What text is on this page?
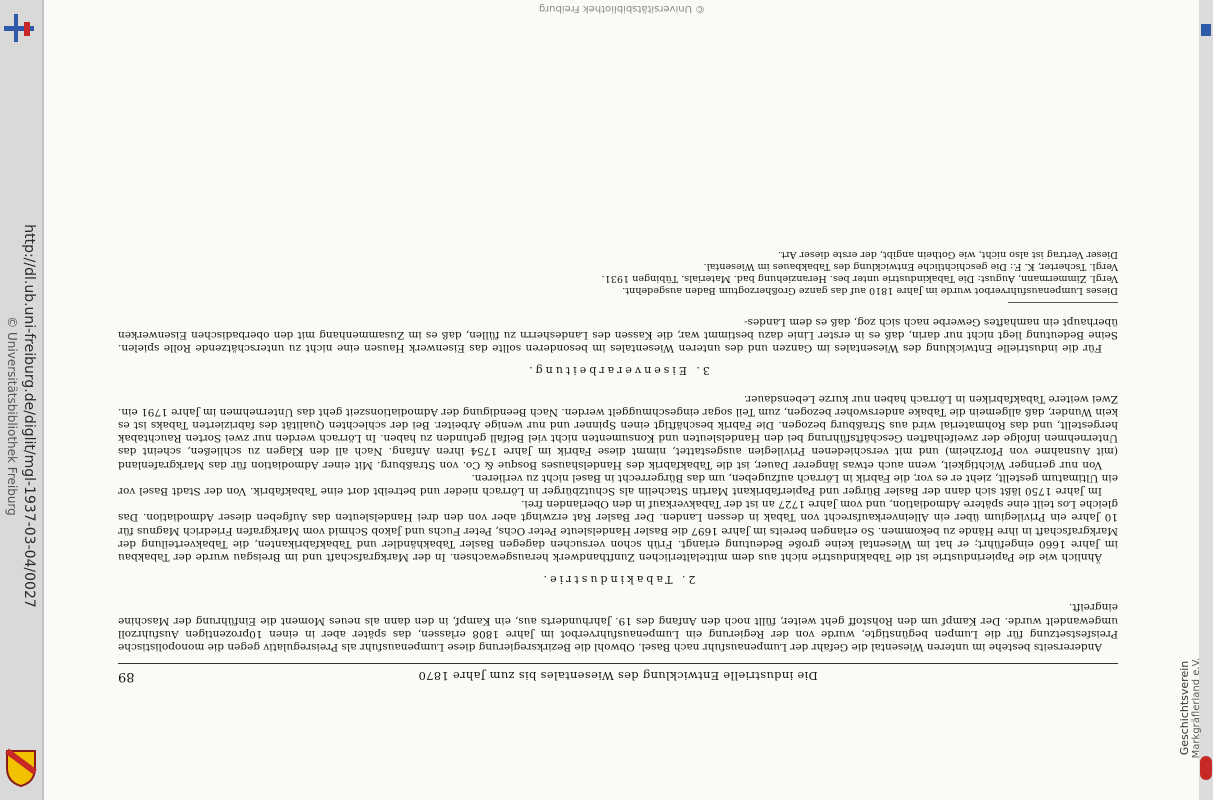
http://dl.ub.uni-freiburg.de/diglit/mgl-1937-03-04/0027
© Universitätsbibliothek Freiburg
© Universitätsbibliothek Freiburg
Die industrielle Entwicklung des Wiesentales bis zum Jahre 1870
89

Andererseits bestehe im unteren Wiesental die Gefahr der Lumpenausfuhr nach Basel. Obwohl die Bezirksregierung diese Lumpenausfuhr als Preisregulativ gegen die monopolistische Preisfestsetzung für die Lumpen begünstigte, wurde von der Regierung ein Lumpenausfuhrverbot im Jahre 1808 erlassen, das später aber in einen 10prozentigen Ausfuhrzoll umgewandelt wurde. Der Kampf um den Rohstoff geht weiter, füllt noch den Anfang des 19. Jahrhunderts aus, ein Kampf, in den dann als neues Moment die Einführung der Maschine eingreift.

2. Tabakindustrie.

Ähnlich wie die Papierindustrie ist die Tabakindustrie nicht aus dem mittelalterlichen Zunfthandwerk herausgewachsen. In der Markgrafschaft und im Breisgau wurde der Tabakbau im Jahre 1660 eingeführt; er hat im Wiesental keine große Bedeutung erlangt. Früh schon versuchen dagegen Basler Tabakhändler und Tabakfabrikanten, die Tabakverteilung der Markgrafschaft in ihre Hände zu bekommen. So erlangen bereits im Jahre 1697 die Basler Handelsleute Peter Ochs, Peter Fuchs und Jakob Schmid vom Markgrafen Friedrich Magnus für 10 Jahre ein Privilegium über ein Alleinverkaufsrecht von Tabak in dessen Landen. Der Basler Rat erzwingt aber von den drei Handelsleuten das Aufgeben dieser Admodiation. Das gleiche Los teilt eine spätere Admodiation, und vom Jahre 1727 an ist der Tabakverkauf in den Oberlanden frei.

Im Jahre 1750 läßt sich dann der Basler Bürger und Papierfabrikant Martin Stachelin als Schutzbürger in Lörrach nieder und betreibt dort eine Tabakfabrik. Von der Stadt Basel vor ein Ultimatum gestellt, zieht er es vor, die Fabrik in Lörrach aufzugeben, um das Bürgerrecht in Basel nicht zu verlieren.

Von nur geringer Wichtigkeit, wenn auch etwas längerer Dauer, ist die Tabakfabrik des Handelshauses Bosque & Co. von Straßburg. Mit einer Admodiation für das Markgrafenland (mit Ausnahme von Pforzheim) und mit verschiedenen Privilegien ausgestattet, nimmt diese Fabrik im Jahre 1754 ihren Anfang. Nach all den Klagen zu schließen, scheint das Unternehmen infolge der zweifelhaften Geschäftsführung bei den Handelsleuten und Konsumenten nicht viel Beifall gefunden zu haben. In Lörrach werden nur zwei Sorten Rauchtabak hergestellt, und das Rohmaterial wird aus Straßburg bezogen. Die Fabrik beschäftigt einen Spinner und nur wenige Arbeiter. Bei der schlechten Qualität des fabrizierten Tabaks ist es kein Wunder, daß allgemein die Tabake anderswoher bezogen, zum Teil sogar eingeschmuggelt werden. Nach Beendigung der Admodiationszeit geht das Unternehmen im Jahre 1791 ein. Zwei weitere Tabakfabriken in Lörrach haben nur kurze Lebensdauer.

3. Eisenverarbeitung.

Für die industrielle Entwicklung des Wiesentales im Ganzen und des unteren Wiesentales im besonderen sollte das Eisenwerk Hausen eine nicht zu unterschätzende Rolle spielen. Seine Bedeutung liegt nicht nur darin, daß es in erster Linie dazu bestimmt war, die Kassen des Landesherrn zu füllen, daß es im Zusammenhang mit den oberbadischen Eisenwerken überhaupt ein namhaftes Gewerbe nach sich zog, daß es dem Landes-

Dieses Lumpenausfuhrverbot wurde im Jahre 1810 auf das ganze Großherzogtum Baden ausgedehnt.

Vergl. Zimmermann, August: Die Tabakindustrie unter bes. Heranziehung bad. Materials. Tübingen 1931.

Vergl. Tscherter, K. F.: Die geschichtliche Entwicklung des Tabakbaues im Wiesental.

Dieser Vertrag ist also nicht, wie Gothein angibt, der erste dieser Art.

Geschichtsverein Markgräflerland e.V.
